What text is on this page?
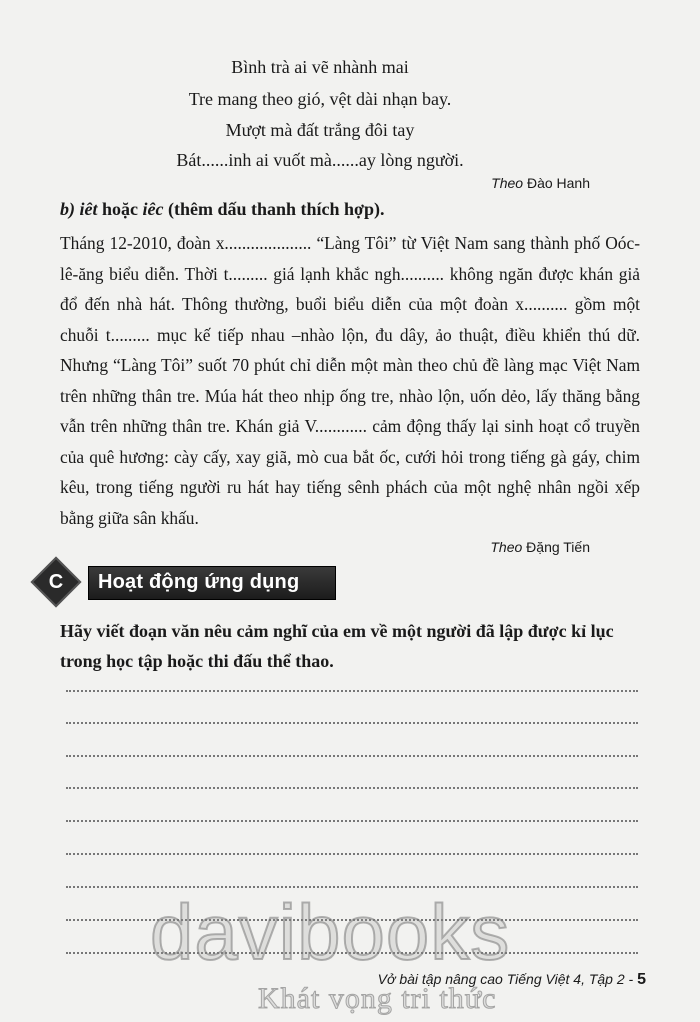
Bình trà ai vẽ nhành mai
Tre mang theo gió, vệt dài nhạn bay.
Mượt mà đất trắng đôi tay
Bát......inh ai vuốt mà......ay lòng người.
Theo Đào Hanh
b) iêt hoặc iêc (thêm dấu thanh thích hợp).
Tháng 12-2010, đoàn x.................... “Làng Tôi” từ Việt Nam sang thành phố Oóc-lê-ăng biểu diễn. Thời t......... giá lạnh khắc ngh.......... không ngăn được khán giả đổ đến nhà hát. Thông thường, buổi biểu diễn của một đoàn x.......... gồm một chuỗi t......... mục kế tiếp nhau –nhào lộn, đu dây, ảo thuật, điều khiển thú dữ. Nhưng “Làng Tôi” suốt 70 phút chỉ diễn một màn theo chủ đề làng mạc Việt Nam trên những thân tre. Múa hát theo nhịp ống tre, nhào lộn, uốn dẻo, lấy thăng bằng vẫn trên những thân tre. Khán giả V............ cảm động thấy lại sinh hoạt cổ truyền của quê hương: cày cấy, xay giã, mò cua bắt ốc, cưới hỏi trong tiếng gà gáy, chim kêu, trong tiếng người ru hát hay tiếng sênh phách của một nghệ nhân ngồi xếp bằng giữa sân khấu.
Theo Đặng Tiến
C	Hoạt động ứng dụng
Hãy viết đoạn văn nêu cảm nghĩ của em về một người đã lập được kỉ lục trong học tập hoặc thi đấu thể thao.
davibooks
Khát vọng tri thức
Vở bài tập nâng cao Tiếng Việt 4, Tập 2 - 5
